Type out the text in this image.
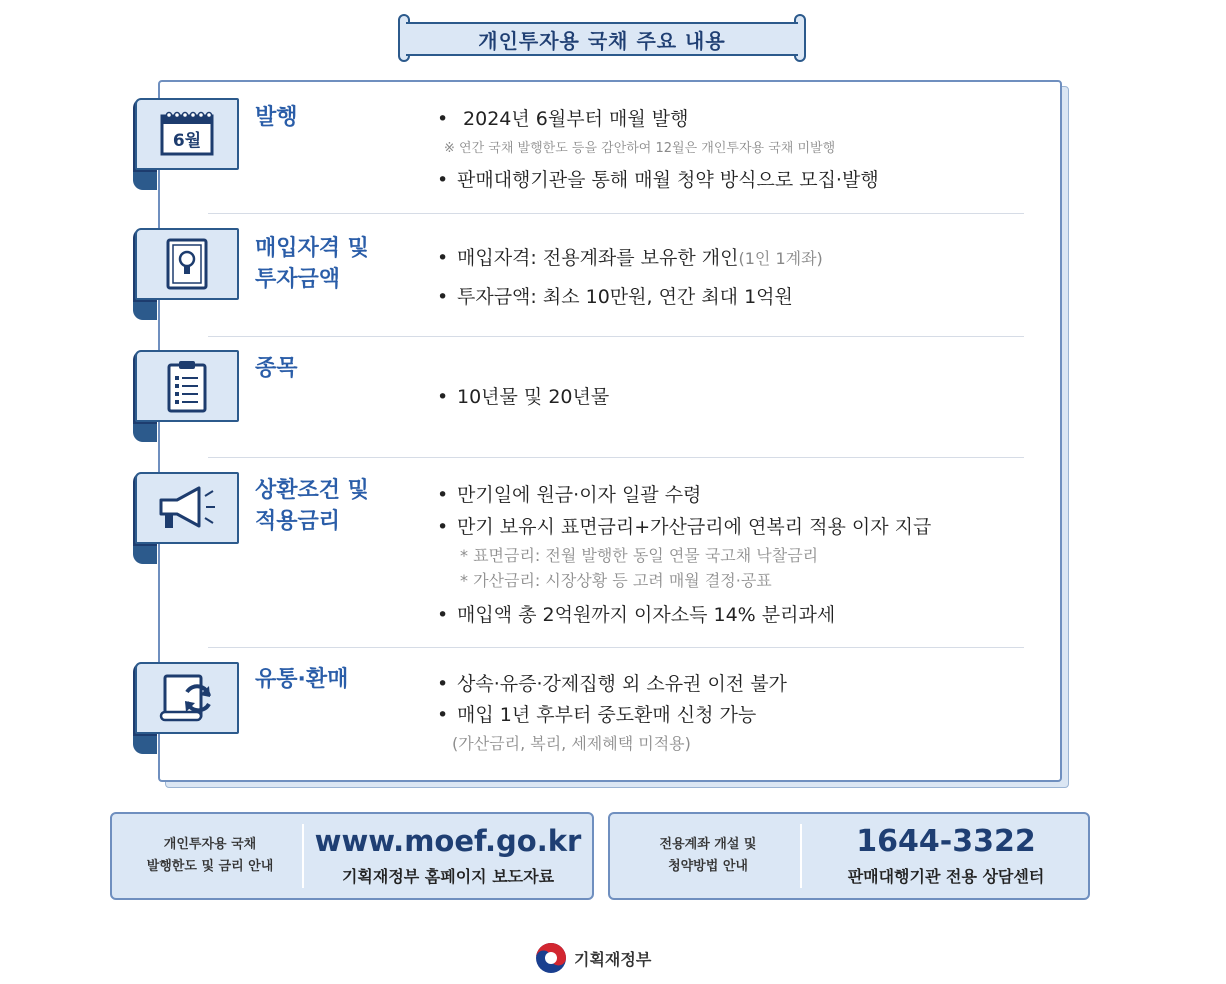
개인투자용 국채 주요 내용
6월
발행	• 2024년 6월부터 매월 발행
※ 연간 국채 발행한도 등을 감안하여 12월은 개인투자용 국채 미발행
• 판매대행기관을 통해 매월 청약 방식으로 모집·발행
매입자격 및
투자금액
• 매입자격: 전용계좌를 보유한 개인(1인 1계좌)
• 투자금액: 최소 10만원, 연간 최대 1억원
종목
• 10년물 및 20년물
상환조건 및
적용금리
• 만기일에 원금·이자 일괄 수령
• 만기 보유시 표면금리+가산금리에 연복리 적용 이자 지급
* 표면금리: 전월 발행한 동일 연물 국고채 낙찰금리
* 가산금리: 시장상황 등 고려 매월 결정·공표
• 매입액 총 2억원까지 이자소득 14% 분리과세
유통·환매	• 상속·유증·강제집행 외 소유권 이전 불가
• 매입 1년 후부터 중도환매 신청 가능
(가산금리, 복리, 세제혜택 미적용)
개인투자용 국채
발행한도 및 금리 안내
www.moef.go.kr
기획재정부 홈페이지 보도자료
전용계좌 개설 및
청약방법 안내
1644-3322
판매대행기관 전용 상담센터
기획재정부
